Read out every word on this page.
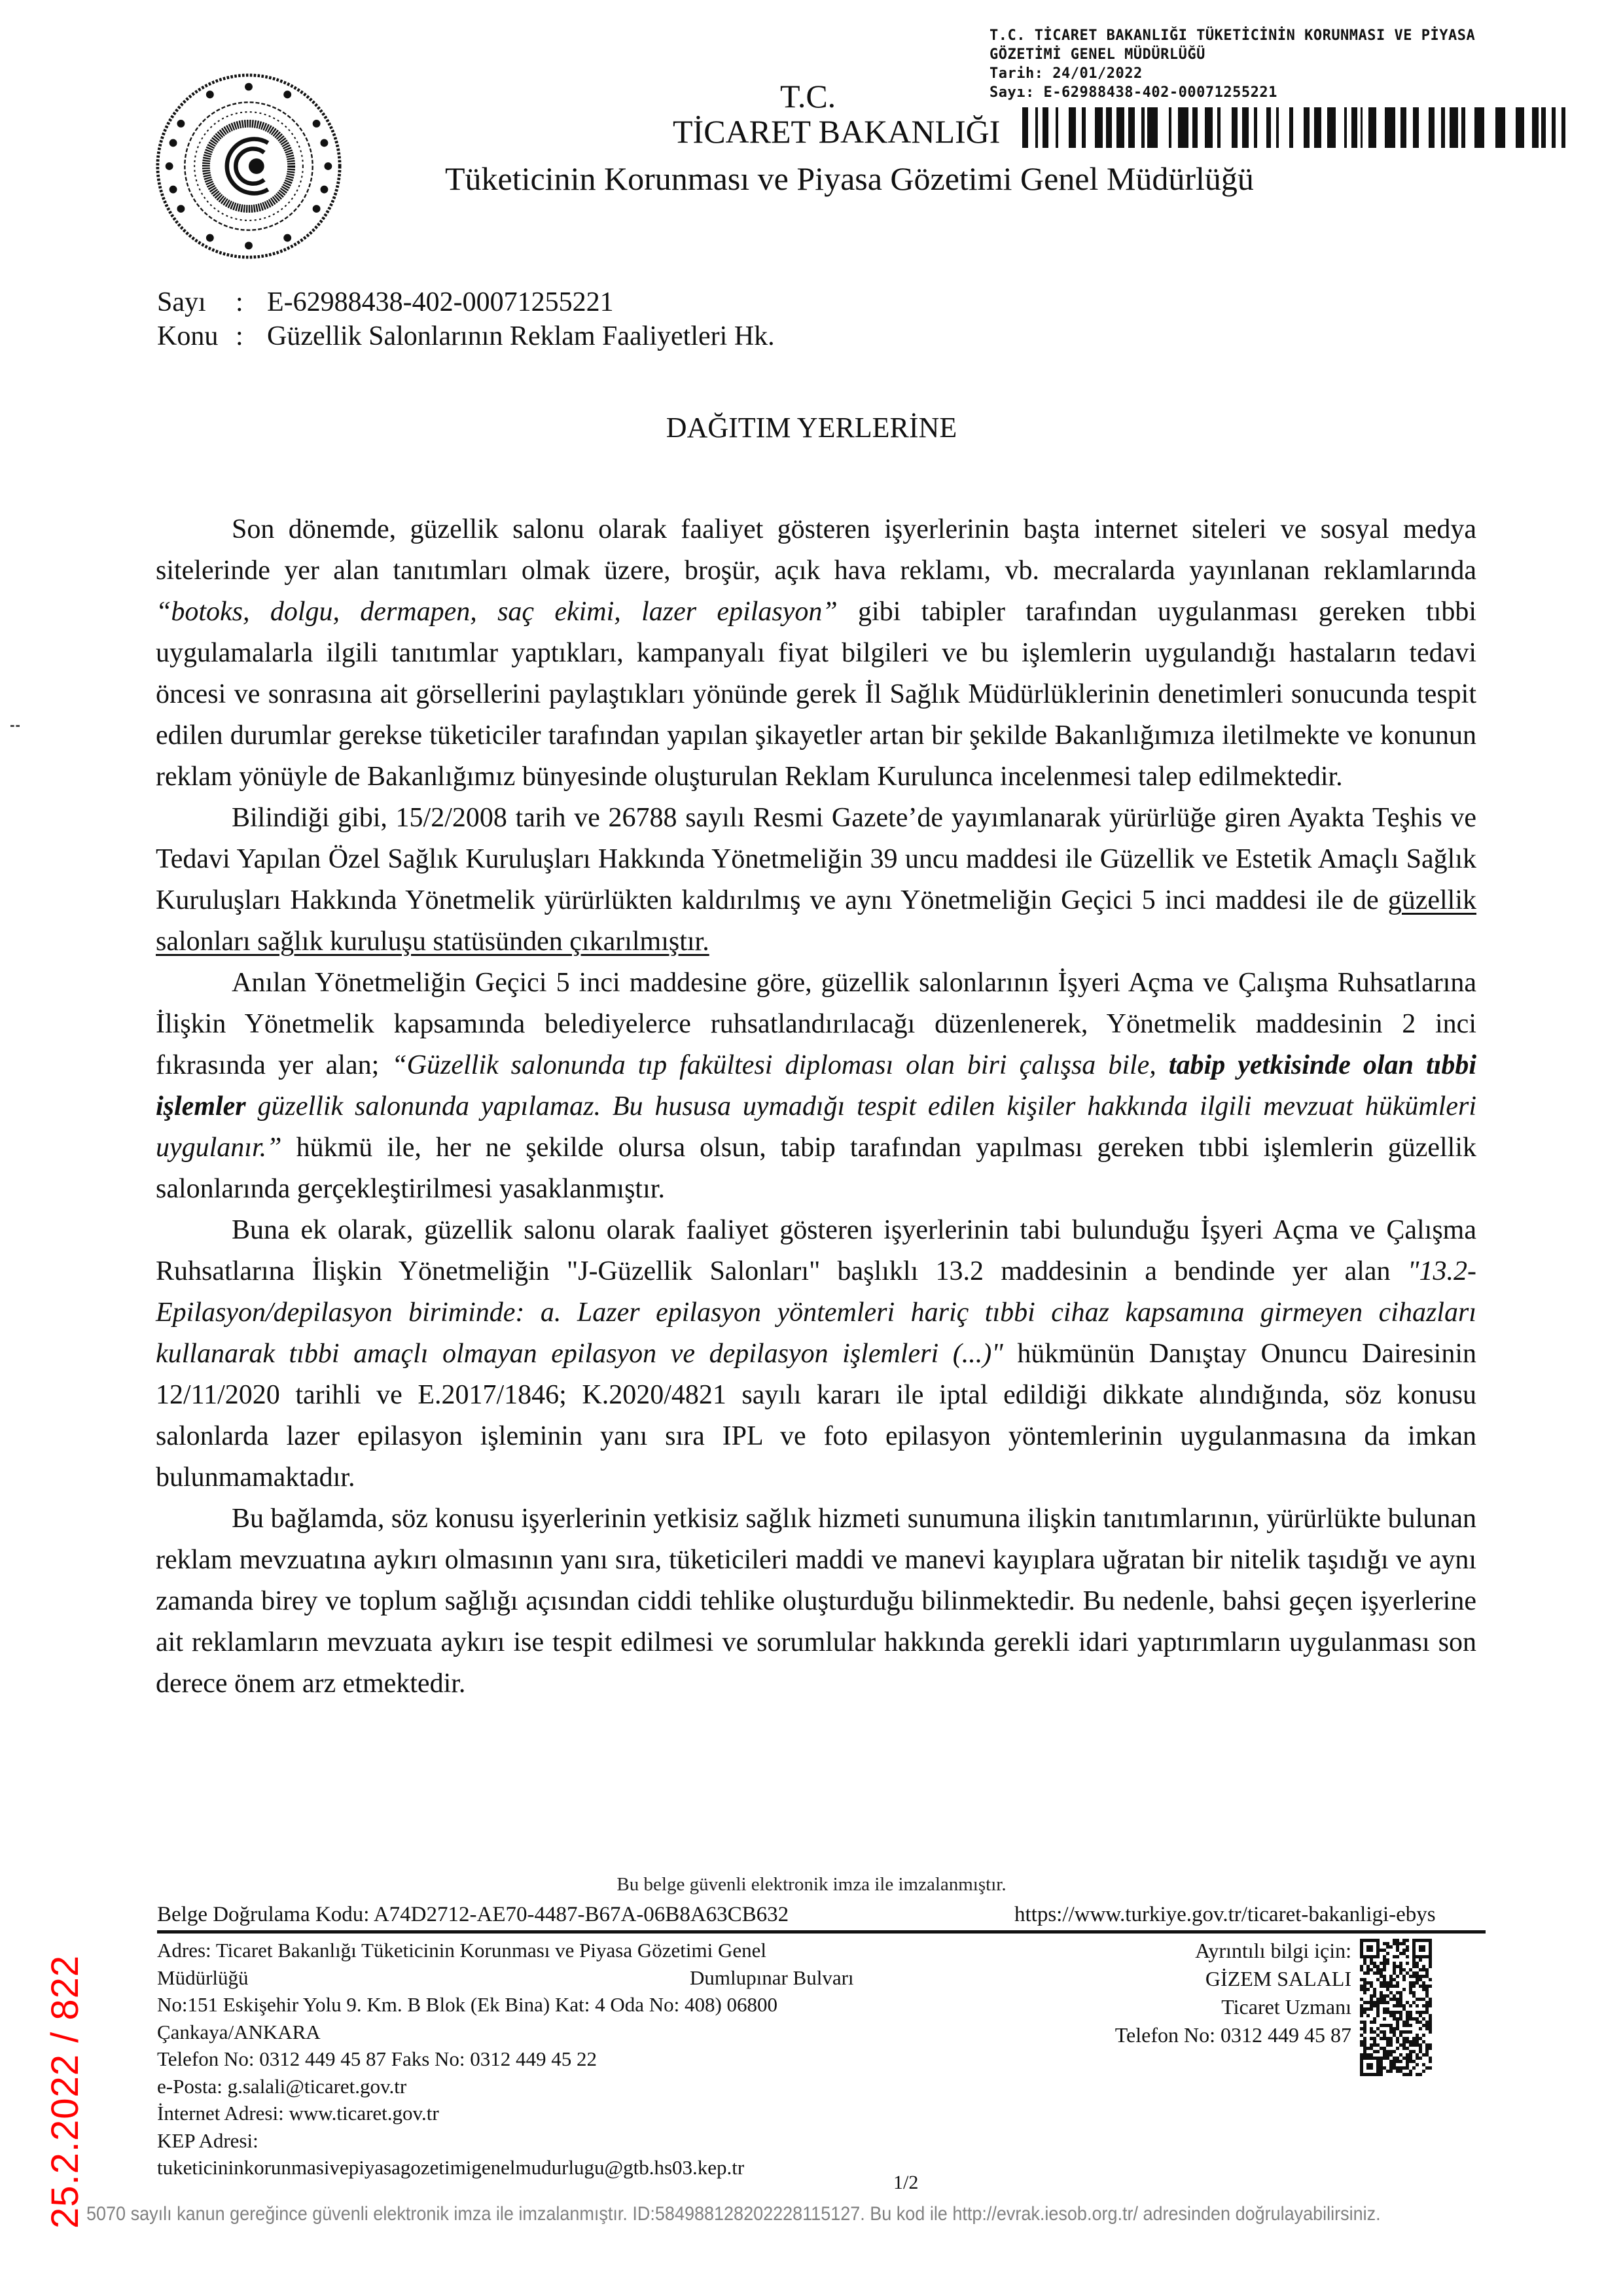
T.C.
TİCARET BAKANLIĞI
Tüketicinin Korunması ve Piyasa Gözetimi Genel Müdürlüğü
T.C. TİCARET BAKANLIĞI TÜKETİCİNİN KORUNMASI VE PİYASA
GÖZETİMİ GENEL MÜDÜRLÜĞÜ
Tarih: 24/01/2022
Sayı: E-62988438-402-00071255221
Sayı : E-62988438-402-00071255221
Konu : Güzellik Salonlarının Reklam Faaliyetleri Hk.
DAĞITIM YERLERİNE

Son dönemde, güzellik salonu olarak faaliyet gösteren işyerlerinin başta internet siteleri ve sosyal medya sitelerinde yer alan tanıtımları olmak üzere, broşür, açık hava reklamı, vb. mecralarda yayınlanan reklamlarında “botoks, dolgu, dermapen, saç ekimi, lazer epilasyon” gibi tabipler tarafından uygulanması gereken tıbbi uygulamalarla ilgili tanıtımlar yaptıkları, kampanyalı fiyat bilgileri ve bu işlemlerin uygulandığı hastaların tedavi öncesi ve sonrasına ait görsellerini paylaştıkları yönünde gerek İl Sağlık Müdürlüklerinin denetimleri sonucunda tespit edilen durumlar gerekse tüketiciler tarafından yapılan şikayetler artan bir şekilde Bakanlığımıza iletilmekte ve konunun reklam yönüyle de Bakanlığımız bünyesinde oluşturulan Reklam Kurulunca incelenmesi talep edilmektedir.

Bilindiği gibi, 15/2/2008 tarih ve 26788 sayılı Resmi Gazete’de yayımlanarak yürürlüğe giren Ayakta Teşhis ve Tedavi Yapılan Özel Sağlık Kuruluşları Hakkında Yönetmeliğin 39 uncu maddesi ile Güzellik ve Estetik Amaçlı Sağlık Kuruluşları Hakkında Yönetmelik yürürlükten kaldırılmış ve aynı Yönetmeliğin Geçici 5 inci maddesi ile de güzellik salonları sağlık kuruluşu statüsünden çıkarılmıştır.

Anılan Yönetmeliğin Geçici 5 inci maddesine göre, güzellik salonlarının İşyeri Açma ve Çalışma Ruhsatlarına İlişkin Yönetmelik kapsamında belediyelerce ruhsatlandırılacağı düzenlenerek, Yönetmelik maddesinin 2 inci fıkrasında yer alan; “Güzellik salonunda tıp fakültesi diploması olan biri çalışsa bile, tabip yetkisinde olan tıbbi işlemler güzellik salonunda yapılamaz. Bu hususa uymadığı tespit edilen kişiler hakkında ilgili mevzuat hükümleri uygulanır.” hükmü ile, her ne şekilde olursa olsun, tabip tarafından yapılması gereken tıbbi işlemlerin güzellik salonlarında gerçekleştirilmesi yasaklanmıştır.

Buna ek olarak, güzellik salonu olarak faaliyet gösteren işyerlerinin tabi bulunduğu İşyeri Açma ve Çalışma Ruhsatlarına İlişkin Yönetmeliğin "J-Güzellik Salonları" başlıklı 13.2 maddesinin a bendinde yer alan "13.2-Epilasyon/depilasyon biriminde: a. Lazer epilasyon yöntemleri hariç tıbbi cihaz kapsamına girmeyen cihazları kullanarak tıbbi amaçlı olmayan epilasyon ve depilasyon işlemleri (...)" hükmünün Danıştay Onuncu Dairesinin 12/11/2020 tarihli ve E.2017/1846; K.2020/4821 sayılı kararı ile iptal edildiği dikkate alındığında, söz konusu salonlarda lazer epilasyon işleminin yanı sıra IPL ve foto epilasyon yöntemlerinin uygulanmasına da imkan bulunmamaktadır.

Bu bağlamda, söz konusu işyerlerinin yetkisiz sağlık hizmeti sunumuna ilişkin tanıtımlarının, yürürlükte bulunan reklam mevzuatına aykırı olmasının yanı sıra, tüketicileri maddi ve manevi kayıplara uğratan bir nitelik taşıdığı ve aynı zamanda birey ve toplum sağlığı açısından ciddi tehlike oluşturduğu bilinmektedir. Bu nedenle, bahsi geçen işyerlerine ait reklamların mevzuata aykırı ise tespit edilmesi ve sorumlular hakkında gerekli idari yaptırımların uygulanması son derece önem arz etmektedir.

Bu belge güvenli elektronik imza ile imzalanmıştır.
Belge Doğrulama Kodu: A74D2712-AE70-4487-B67A-06B8A63CB632	https://www.turkiye.gov.tr/ticaret-bakanligi-ebys
Adres: Ticaret Bakanlığı Tüketicinin Korunması ve Piyasa Gözetimi Genel
Müdürlüğü	Dumlupınar Bulvarı
No:151 Eskişehir Yolu 9. Km. B Blok (Ek Bina) Kat: 4 Oda No: 408) 06800
Çankaya/ANKARA
Telefon No: 0312 449 45 87 Faks No: 0312 449 45 22
e-Posta: g.salali@ticaret.gov.tr
İnternet Adresi: www.ticaret.gov.tr
KEP Adresi:
tuketicininkorunmasivepiyasagozetimigenelmudurlugu@gtb.hs03.kep.tr
Ayrıntılı bilgi için:
GİZEM SALALI
Ticaret Uzmanı
Telefon No: 0312 449 45 87
1/2
5070 sayılı kanun gereğince güvenli elektronik imza ile imzalanmıştır. ID:584988128202228115127. Bu kod ile http://evrak.iesob.org.tr/ adresinden doğrulayabilirsiniz.
25.2.2022 / 822
